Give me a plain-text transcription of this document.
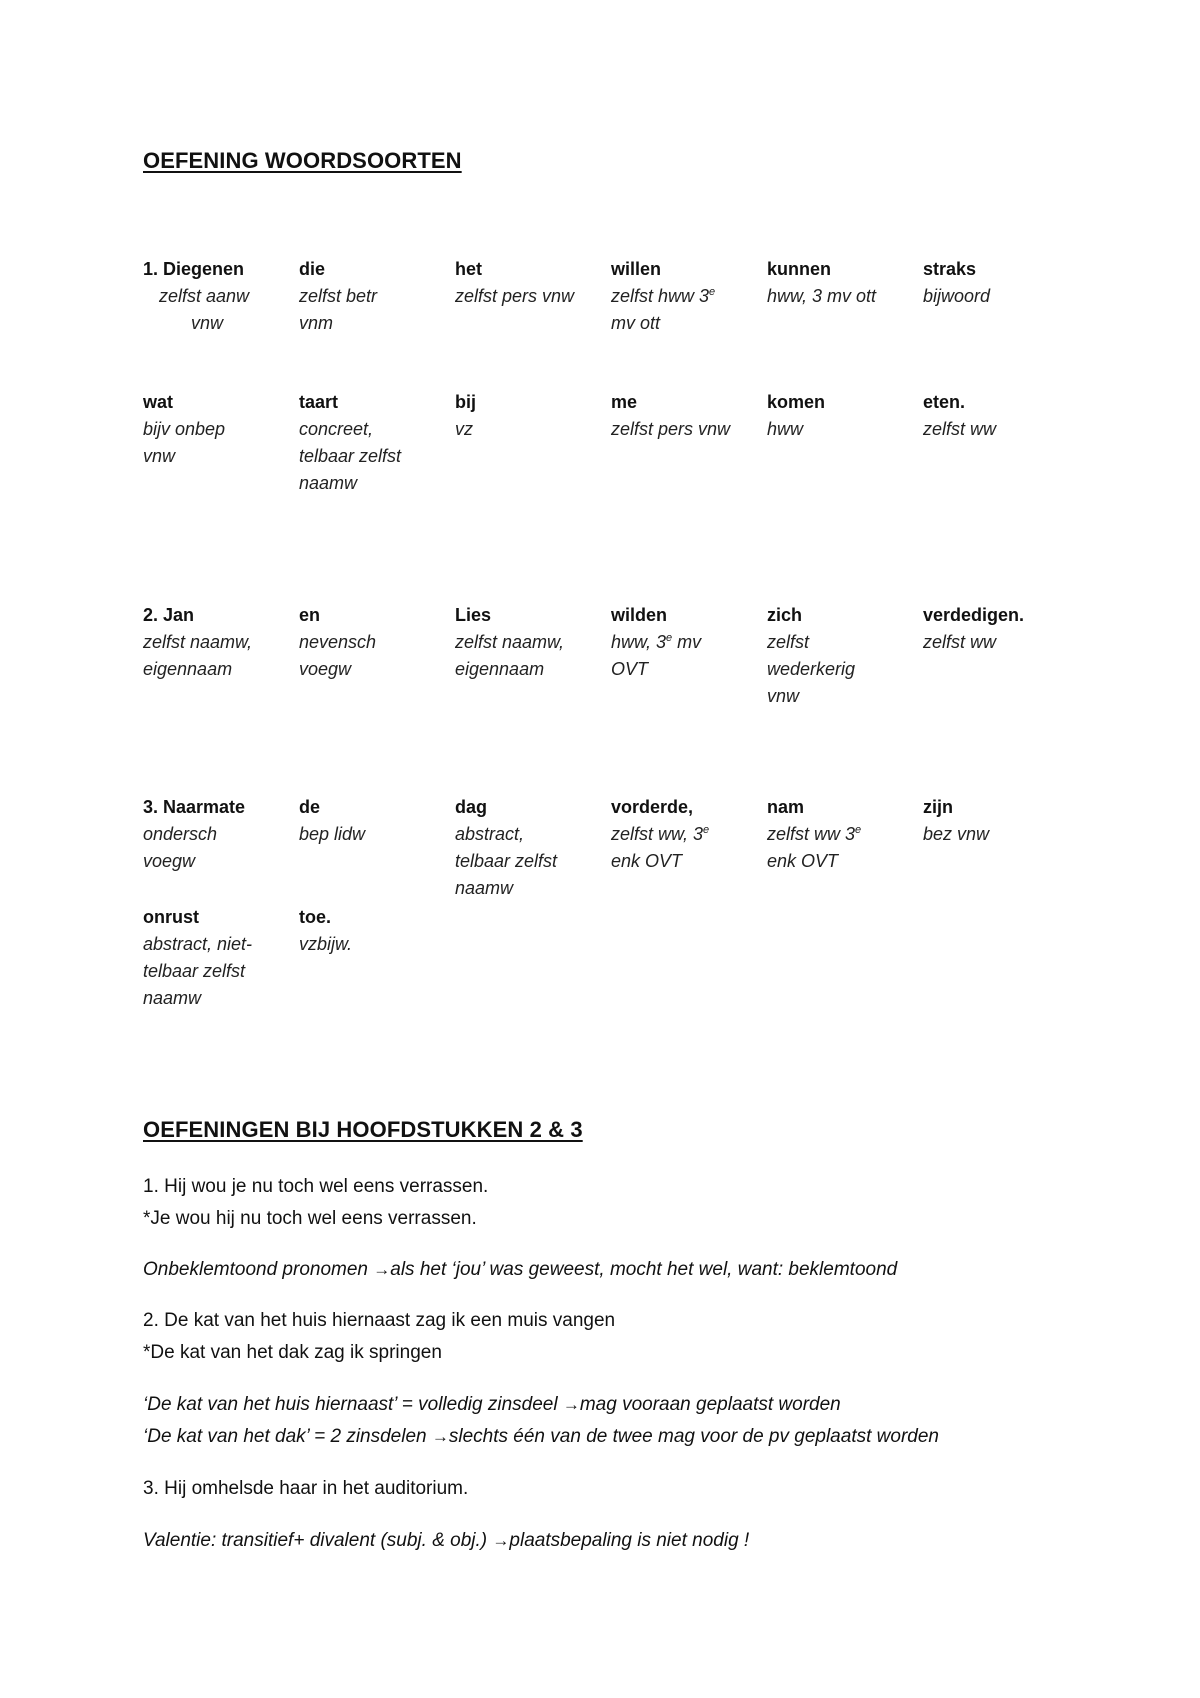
OEFENING WOORDSOORTEN
1. Diegenen
zelfst aanw
vnw
die
zelfst betr
vnm
het
zelfst pers vnw
willen
zelfst hww 3e
mv ott
kunnen
hww, 3 mv ott
straks
bijwoord
wat
bijv onbep
vnw
taart
concreet,
telbaar zelfst
naamw
bij
vz
me
zelfst pers vnw
komen
hww
eten.
zelfst ww
2. Jan
zelfst naamw,
eigennaam
en
nevensch
voegw
Lies
zelfst naamw,
eigennaam
wilden
hww, 3e mv
OVT
zich
zelfst
wederkerig
vnw
verdedigen.
zelfst ww
3. Naarmate
ondersch
voegw
de
bep lidw
dag
abstract,
telbaar zelfst
naamw
vorderde,
zelfst ww, 3e
enk OVT
nam
zelfst ww 3e
enk OVT
zijn
bez vnw
onrust
abstract, niet-
telbaar zelfst
naamw
toe.
vzbijw.
OEFENINGEN BIJ HOOFDSTUKKEN 2 & 3

1. Hij wou je nu toch wel eens verrassen.

*Je wou hij nu toch wel eens verrassen.

Onbeklemtoond pronomen →als het ‘jou’ was geweest, mocht het wel, want: beklemtoond

2. De kat van het huis hiernaast zag ik een muis vangen

*De kat van het dak zag ik springen

‘De kat van het huis hiernaast’ = volledig zinsdeel →mag vooraan geplaatst worden

‘De kat van het dak’ = 2 zinsdelen →slechts één van de twee mag voor de pv geplaatst worden

3. Hij omhelsde haar in het auditorium.

Valentie: transitief+ divalent (subj. & obj.) →plaatsbepaling is niet nodig !
